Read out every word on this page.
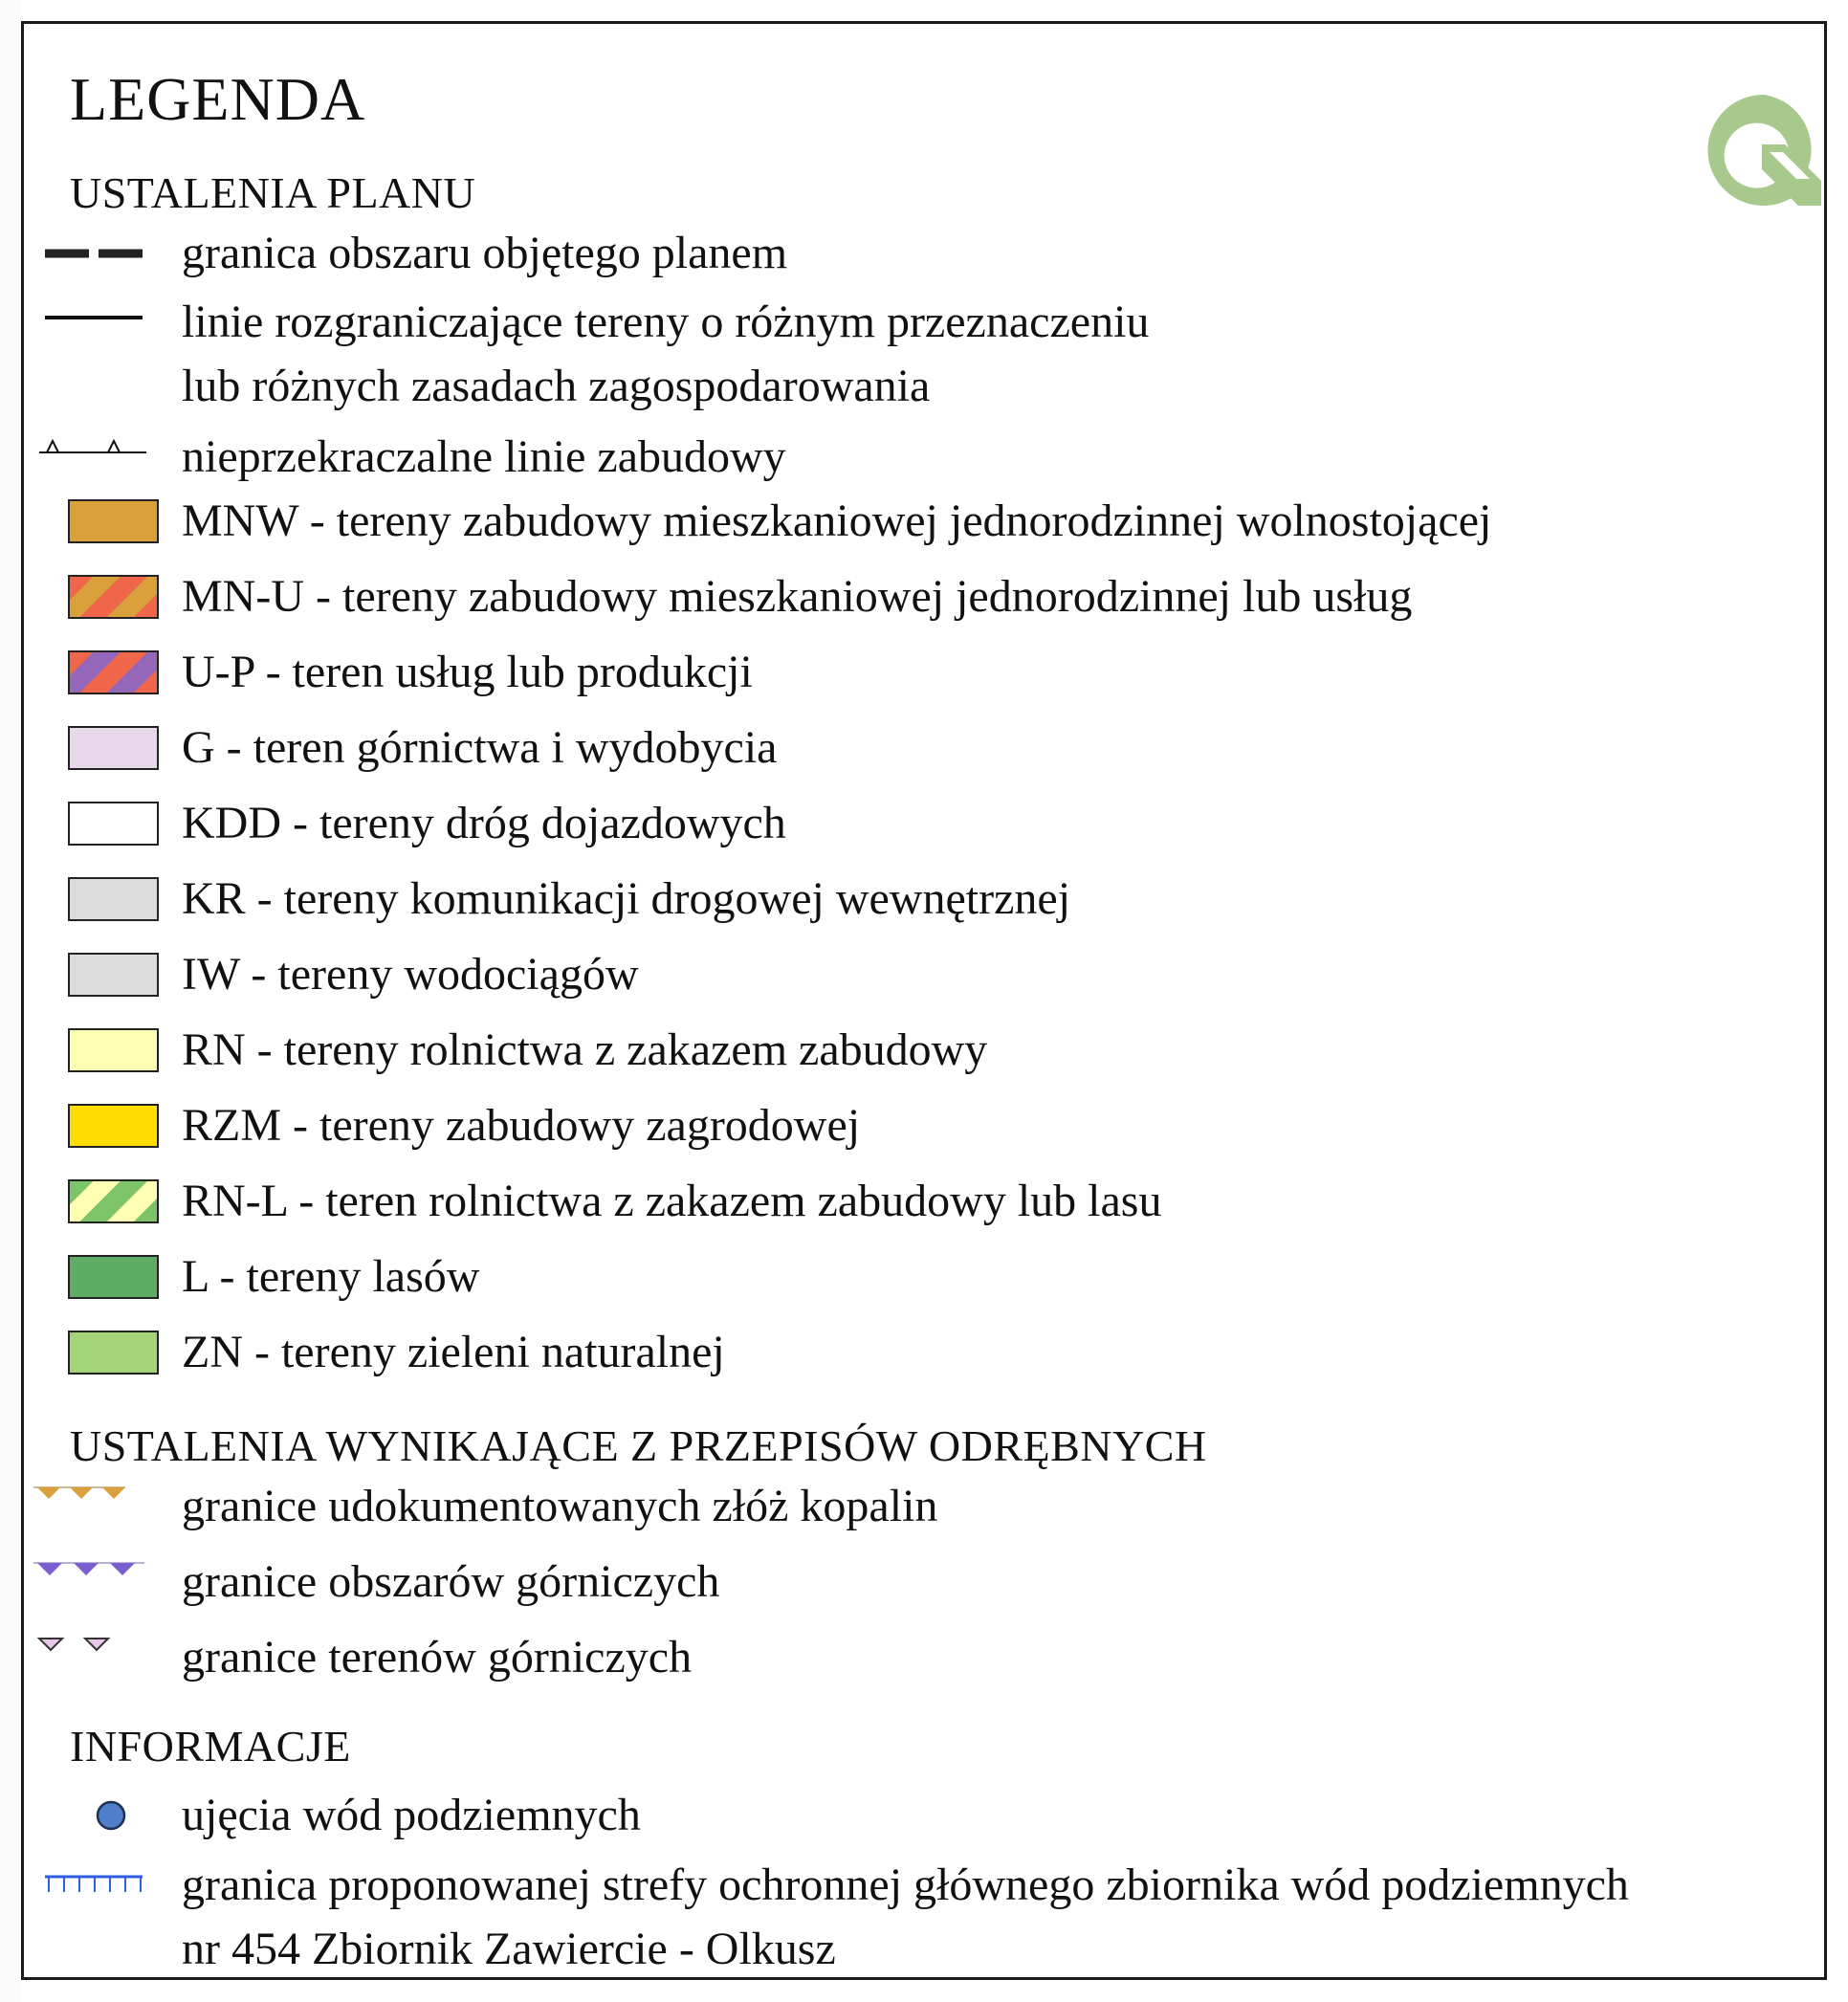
LEGENDA
USTALENIA PLANU
granica obszaru objętego planem
linie rozgraniczające tereny o różnym przeznaczeniu
lub różnych zasadach zagospodarowania
nieprzekraczalne linie zabudowy
MNW - tereny zabudowy mieszkaniowej jednorodzinnej wolnostojącej
MN-U - tereny zabudowy mieszkaniowej jednorodzinnej lub usług
U-P - teren usług lub produkcji
G - teren górnictwa i wydobycia
KDD - tereny dróg dojazdowych
KR - tereny komunikacji drogowej wewnętrznej
IW - tereny wodociągów
RN - tereny rolnictwa z zakazem zabudowy
RZM - tereny zabudowy zagrodowej
RN-L - teren rolnictwa z zakazem zabudowy lub lasu
L - tereny lasów
ZN - tereny zieleni naturalnej
USTALENIA WYNIKAJĄCE Z PRZEPISÓW ODRĘBNYCH
granice udokumentowanych złóż kopalin
granice obszarów górniczych
granice terenów górniczych
INFORMACJE
ujęcia wód podziemnych
granica proponowanej strefy ochronnej głównego zbiornika wód podziemnych
nr 454 Zbiornik Zawiercie - Olkusz
